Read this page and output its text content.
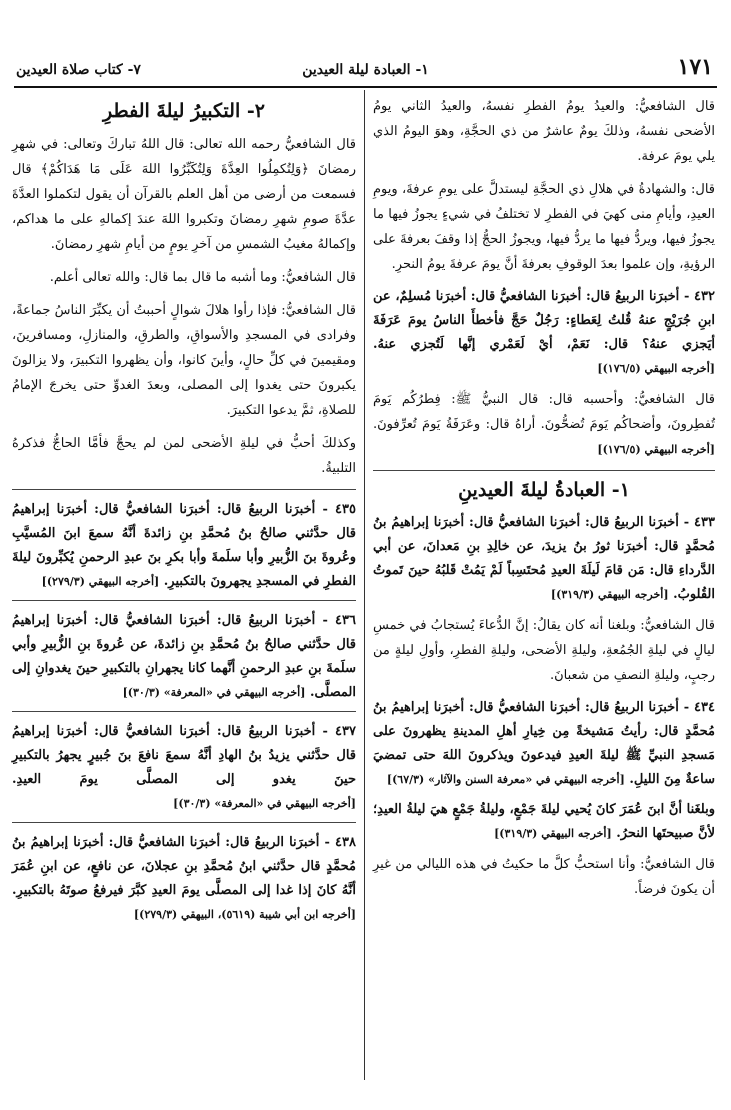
١٧١
١- العبادة ليلة العيدين
٧- كتاب صلاة العيدين

قال الشافعيُّ: والعيدُ يومُ الفطرِ نفسهُ، والعيدُ الثاني يومُ الأضحى نفسهُ، وذلكَ يومٌ عاشرٌ من ذي الحجَّةِ، وهوَ اليومُ الذي يلي يومَ عرفة.

قال: والشهادةُ في هلالِ ذي الحجَّةِ ليستدلَّ على يومِ عرفةَ، ويومِ العيدِ، وأيامِ منى كهيَ في الفطرِ لا تختلفُ في شيءٍ يجوزُ فيها ما يجوزُ فيها، ويردُّ فيها ما يردُّ فيها، ويجوزُ الحجُّ إذا وقفَ بعرفةَ على الرؤيةِ، وإن علموا بعدَ الوقوفِ بعرفةَ أنَّ يومَ عرفةَ يومُ النحرِ.

٤٣٢ - أخبرَنا الربيعُ قال: أخبرَنا الشافعيُّ قال: أخبرَنا مُسلِمٌ، عن ابنِ جُرَيْجٍ عنهُ قُلتُ لِعَطاءٍ: رَجُلٌ حَجَّ فأخطأَ الناسُ يومَ عَرَفَةَ أيَجزي عنهُ؟ قال: نَعَمْ، أيْ لَعَمْري إنَّها لَتُجزي عنهُ. [أخرجه البيهقي (١٧٦/٥)]

قال الشافعيُّ: وأحسبه قال: قال النبيُّ ﷺ: فِطرُكُم يَومَ تُفطِرونَ، وأضحاكُم يَومَ تُضحُّونَ. أراهُ قال: وعَرَفَةُ يَومَ تُعرِّفونَ. [أخرجه البيهقي (١٧٦/٥)]

١- العبادةُ ليلةَ العيدينِ

٤٣٣ - أخبرَنا الربيعُ قال: أخبرَنا الشافعيُّ قال: أخبرَنا إبراهيمُ بنُ مُحمَّدٍ قال: أخبرَنا ثورُ بنُ يزيدَ، عن خالِدِ بنِ مَعدانَ، عن أبي الدَّرداءِ قال: مَن قامَ لَيلَةَ العيدِ مُحتَسِباً لَمْ يَمُتْ قَلبُهُ حينَ تَموتُ القُلوبُ. [أخرجه البيهقي (٣١٩/٣)]

قال الشافعيُّ: وبلغنا أنه كان يقالُ: إنَّ الدُّعاءَ يُستجابُ في خمسِ ليالٍ في ليلةِ الجُمُعةِ، وليلةِ الأضحى، وليلةِ الفطرِ، وأولِ ليلةٍ من رجبٍ، وليلةِ النصفِ من شعبانَ.

٤٣٤ - أخبرَنا الربيعُ قال: أخبرَنا الشافعيُّ قال: أخبرَنا إبراهيمُ بنُ مُحمَّدٍ قال: رأيتُ مَشيخةً مِن خِيارِ أهلِ المدينةِ يظهرونَ على مَسجدِ النبيِّ ﷺ ليلةَ العيدِ فيدعونَ ويذكرونَ اللهَ حتى تمضيَ ساعةٌ مِنَ الليلِ. [أخرجه البيهقي في «معرفة السنن والآثار» (٦٧/٣)]

وبلغَنا أنَّ ابنَ عُمَرَ كانَ يُحيي ليلةَ جَمْعٍ، وليلةُ جَمْعٍ هيَ ليلةُ العيدِ؛ لأنَّ صبيحتَها النحرُ. [أخرجه البيهقي (٣١٩/٣)]

قال الشافعيُّ: وأنا استحبُّ كلَّ ما حكيتُ في هذه الليالي من غيرِ أن يكونَ فرضاً.

٢- التكبيرُ ليلةَ الفطرِ

قال الشافعيُّ رحمه الله تعالى: قال اللهُ تباركَ وتعالى: في شهرِ رمضانَ ﴿وَلِتُكمِلُوا العِدَّةَ وَلِتُكَبِّرُوا اللهَ عَلَى مَا هَدَاكُمْ﴾ قال فسمعت من أرضى من أهل العلم بالقرآن أن يقول لتكملوا العدَّةَ عدَّةَ صومِ شهرِ رمضانَ وتكبروا اللهَ عندَ إكمالهِ على ما هداكم، وإكمالهُ مغيبُ الشمسِ من آخرِ يومٍ من أيامِ شهرِ رمضانَ.

قال الشافعيُّ: وما أشبه ما قال بما قال: والله تعالى أعلم.

قال الشافعيُّ: فإذا رأوا هلالَ شوالٍ أحببتُ أن يكبِّرَ الناسُ جماعةً، وفرادى في المسجدِ والأسواقِ، والطرقِ، والمنازلِ، ومسافرينَ، ومقيمينَ في كلِّ حالٍ، وأينَ كانوا، وأن يظهروا التكبيرَ، ولا يزالونَ يكبرونَ حتى يغدوا إلى المصلى، وبعدَ الغدوِّ حتى يخرجَ الإمامُ للصلاةِ، ثمَّ يدعوا التكبيرَ.

وكذلكَ أحبُّ في ليلةِ الأضحى لمن لم يحجَّ فأمَّا الحاجُّ فذكرهُ التلبيةُ.

٤٣٥ - أخبرَنا الربيعُ قال: أخبرَنا الشافعيُّ قال: أخبرَنا إبراهيمُ قال حدَّثني صالحُ بنُ مُحمَّدِ بنِ زائدةَ أنَّهُ سمعَ ابنَ المُسيَّبِ وعُروةَ بنَ الزُّبيرِ وأبا سلَمةَ وأبا بكرِ بنَ عبدِ الرحمنِ يُكبِّرونَ ليلةَ الفطرِ في المسجدِ يجهرونَ بالتكبيرِ. [أخرجه البيهقي (٢٧٩/٣)]

٤٣٦ - أخبرَنا الربيعُ قال: أخبرَنا الشافعيُّ قال: أخبرَنا إبراهيمُ قال حدَّثني صالحُ بنُ مُحمَّدِ بنِ زائدةَ، عن عُروةَ بنِ الزُّبيرِ وأبي سلَمةَ بنِ عبدِ الرحمنِ أنَّهما كانا يجهرانِ بالتكبيرِ حينَ يغدوانِ إلى المصلَّى. [أخرجه البيهقي في «المعرفة» (٣٠/٣)]

٤٣٧ - أخبرَنا الربيعُ قال: أخبرَنا الشافعيُّ قال: أخبرَنا إبراهيمُ قال حدَّثني يزيدُ بنُ الهادِ أنَّهُ سمعَ نافعَ بنَ جُبيرٍ يجهرُ بالتكبيرِ حينَ يغدو إلى المصلَّى يومَ العيدِ. [أخرجه البيهقي في «المعرفة» (٣٠/٣)]

٤٣٨ - أخبرَنا الربيعُ قال: أخبرَنا الشافعيُّ قال: أخبرَنا إبراهيمُ بنُ مُحمَّدٍ قال حدَّثني ابنُ مُحمَّدِ بنِ عجلانَ، عن نافعٍ، عن ابنِ عُمَرَ أنَّهُ كانَ إذا غدا إلى المصلَّى يومَ العيدِ كبَّرَ فيرفعُ صوتَهُ بالتكبيرِ. [أخرجه ابن أبي شيبة (٥٦١٩)، البيهقي (٢٧٩/٣)]
